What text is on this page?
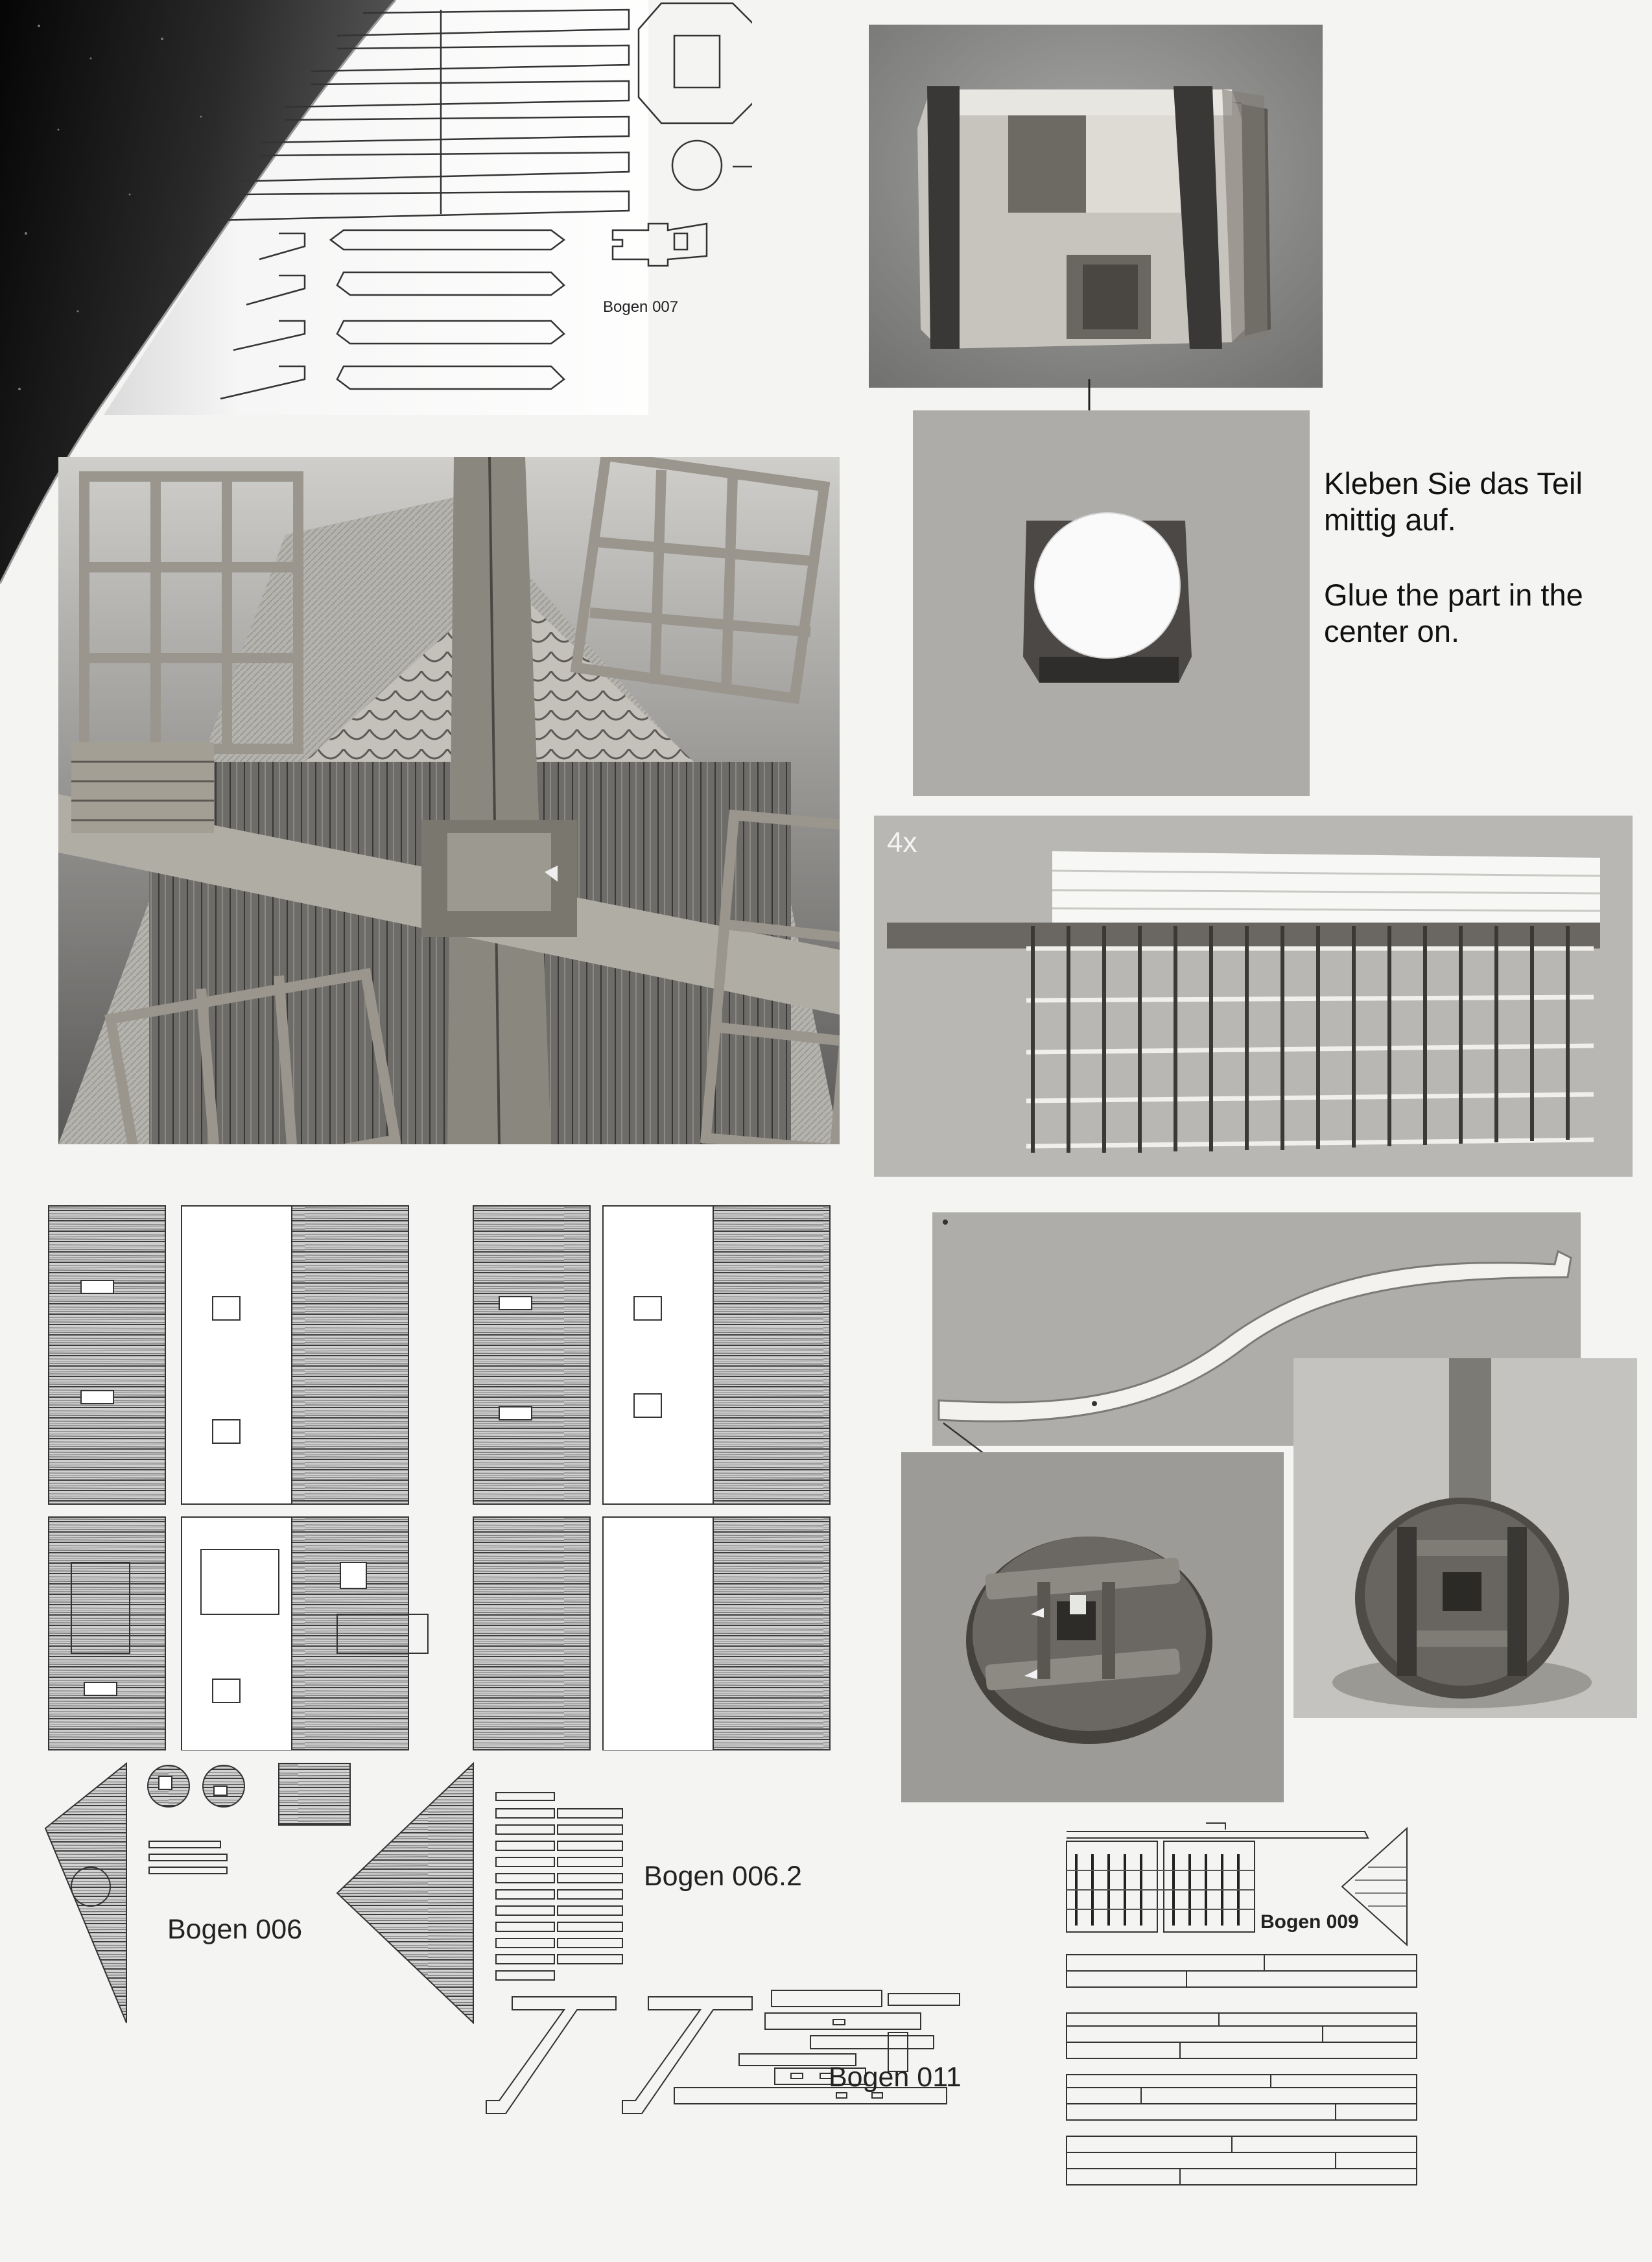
Bogen 007
Kleben Sie das Teil
mittig auf.
Glue the part in the
center on.
4x
Bogen 006
Bogen 006.2
Bogen 011
Bogen 009
